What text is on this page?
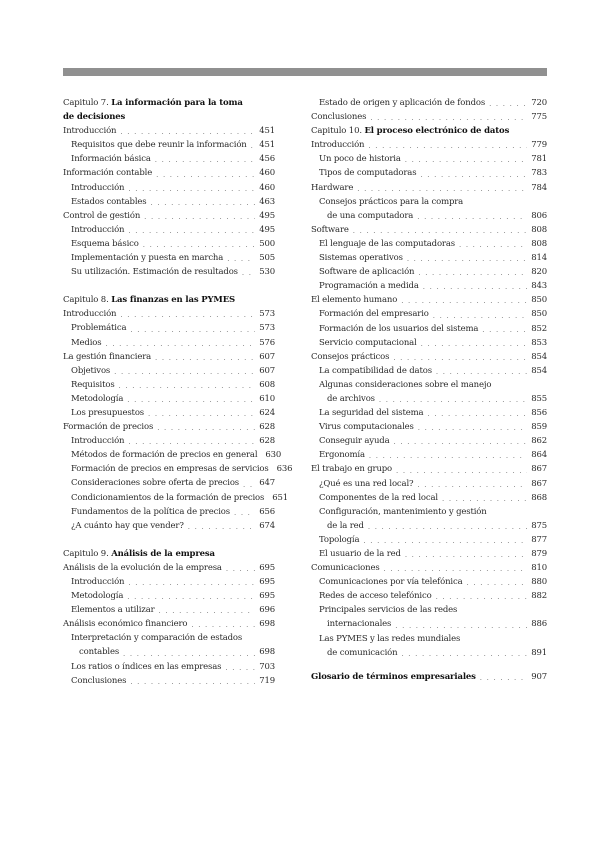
Capitulo 7. La información para la toma
de decisiones
Introducción . . .	451
Requisitos que debe reunir la información . . . 451
Información básica . . .	456
Información contable . . .	460
Introducción . . .	460
Estados contables . . .	463
Control de gestión . . .	495
Introducción . . .	495
Esquema básico . . .	500
Implementación y puesta en marcha . . .	505
Su utilización. Estimación de resultados . . .	530
Capitulo 8. Las finanzas en las PYMES
Introducción . . .	573
Problemática . . .	573
Medios . . .	576
La gestión financiera . . .	607
Objetivos . . .	607
Requisitos . . .	608
Metodología . . .	610
Los presupuestos . . .	624
Formación de precios . . .	628
Introducción . . .	628
Métodos de formación de precios en general 630
Formación de precios en empresas de servicios 636
Consideraciones sobre oferta de precios . . . 647
Condicionamientos de la formación de precios 651
Fundamentos de la política de precios . . .	656
¿A cuánto hay que vender? . . .	674
Capitulo 9. Análisis de la empresa
Análisis de la evolución de la empresa . . .	695
Introducción . . .	695
Metodología . . .	695
Elementos a utilizar . . .	696
Análisis económico financiero . . .	698
Interpretación y comparación de estados
contables . . .	698
Los ratios o índices en las empresas . . .	703
Conclusiones . . .	719
Estado de origen y aplicación de fondos . . .	720
Conclusiones . . .	775
Capitulo 10. El proceso electrónico de datos
Introducción . . .	779
Un poco de historia . . .	781
Tipos de computadoras . . .	783
Hardware . . .	784
Consejos prácticos para la compra
de una computadora . . .	806
Software . . .	808
El lenguaje de las computadoras . . .	808
Sistemas operativos . . .	814
Software de aplicación . . .	820
Programación a medida . . .	843
El elemento humano . . .	850
Formación del empresario . . .	850
Formación de los usuarios del sistema . . .	852
Servicio computacional . . .	853
Consejos prácticos . . .	854
La compatibilidad de datos . . .	854
Algunas consideraciones sobre el manejo
de archivos . . .	855
La seguridad del sistema . . .	856
Virus computacionales . . .	859
Conseguir ayuda . . .	862
Ergonomía . . .	864
El trabajo en grupo . . .	867
¿Qué es una red local? . . .	867
Componentes de la red local . . .	868
Configuración, mantenimiento y gestión
de la red . . .	875
Topología . . .	877
El usuario de la red . . .	879
Comunicaciones . . .	810
Comunicaciones por vía telefónica . . .	880
Redes de acceso telefónico . . .	882
Principales servicios de las redes
internacionales . . .	886
Las PYMES y las redes mundiales
de comunicación . . .	891
Glosario de términos empresariales . . .	907
